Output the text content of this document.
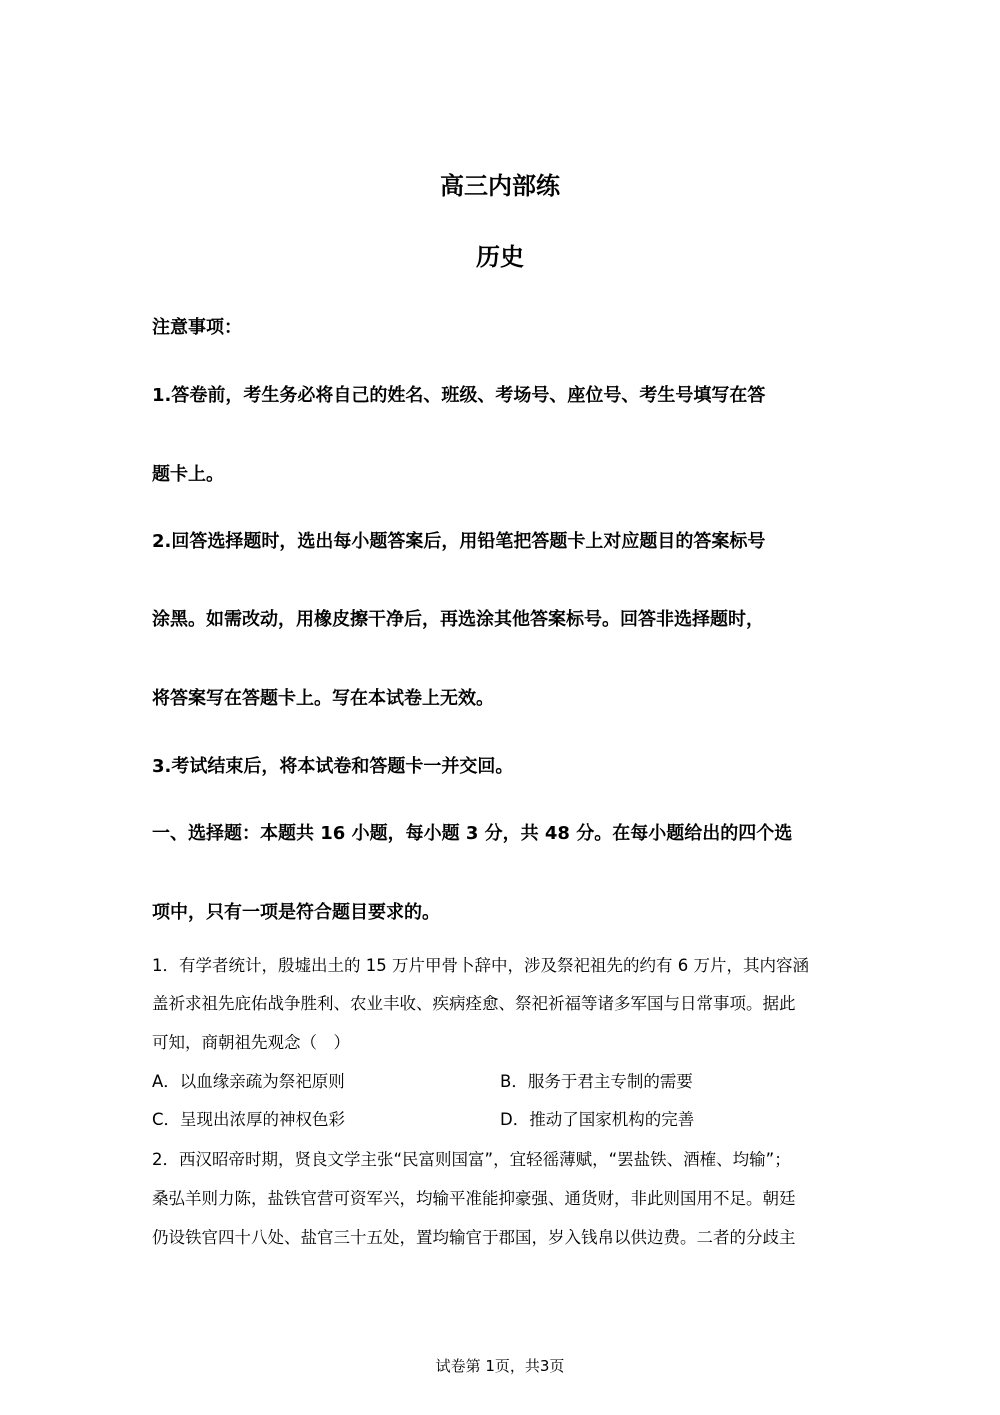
高三内部练
历史
注意事项：
1.答卷前，考生务必将自己的姓名、班级、考场号、座位号、考生号填写在答
题卡上。
2.回答选择题时，选出每小题答案后，用铅笔把答题卡上对应题目的答案标号
涂黑。如需改动，用橡皮擦干净后，再选涂其他答案标号。回答非选择题时，
将答案写在答题卡上。写在本试卷上无效。
3.考试结束后，将本试卷和答题卡一并交回。
一、选择题：本题共 16 小题，每小题 3 分，共 48 分。在每小题给出的四个选
项中，只有一项是符合题目要求的。
1．有学者统计，殷墟出土的 15 万片甲骨卜辞中，涉及祭祀祖先的约有 6 万片，其内容涵
盖祈求祖先庇佑战争胜利、农业丰收、疾病痊愈、祭祀祈福等诸多军国与日常事项。据此
可知，商朝祖先观念（　）
A．以血缘亲疏为祭祀原则	B．服务于君主专制的需要
C．呈现出浓厚的神权色彩	D．推动了国家机构的完善
2．西汉昭帝时期，贤良文学主张“民富则国富”，宜轻徭薄赋，“罢盐铁、酒榷、均输”；
桑弘羊则力陈，盐铁官营可资军兴，均输平准能抑豪强、通货财，非此则国用不足。朝廷
仍设铁官四十八处、盐官三十五处，置均输官于郡国，岁入钱帛以供边费。二者的分歧主
试卷第 1页，共3页
